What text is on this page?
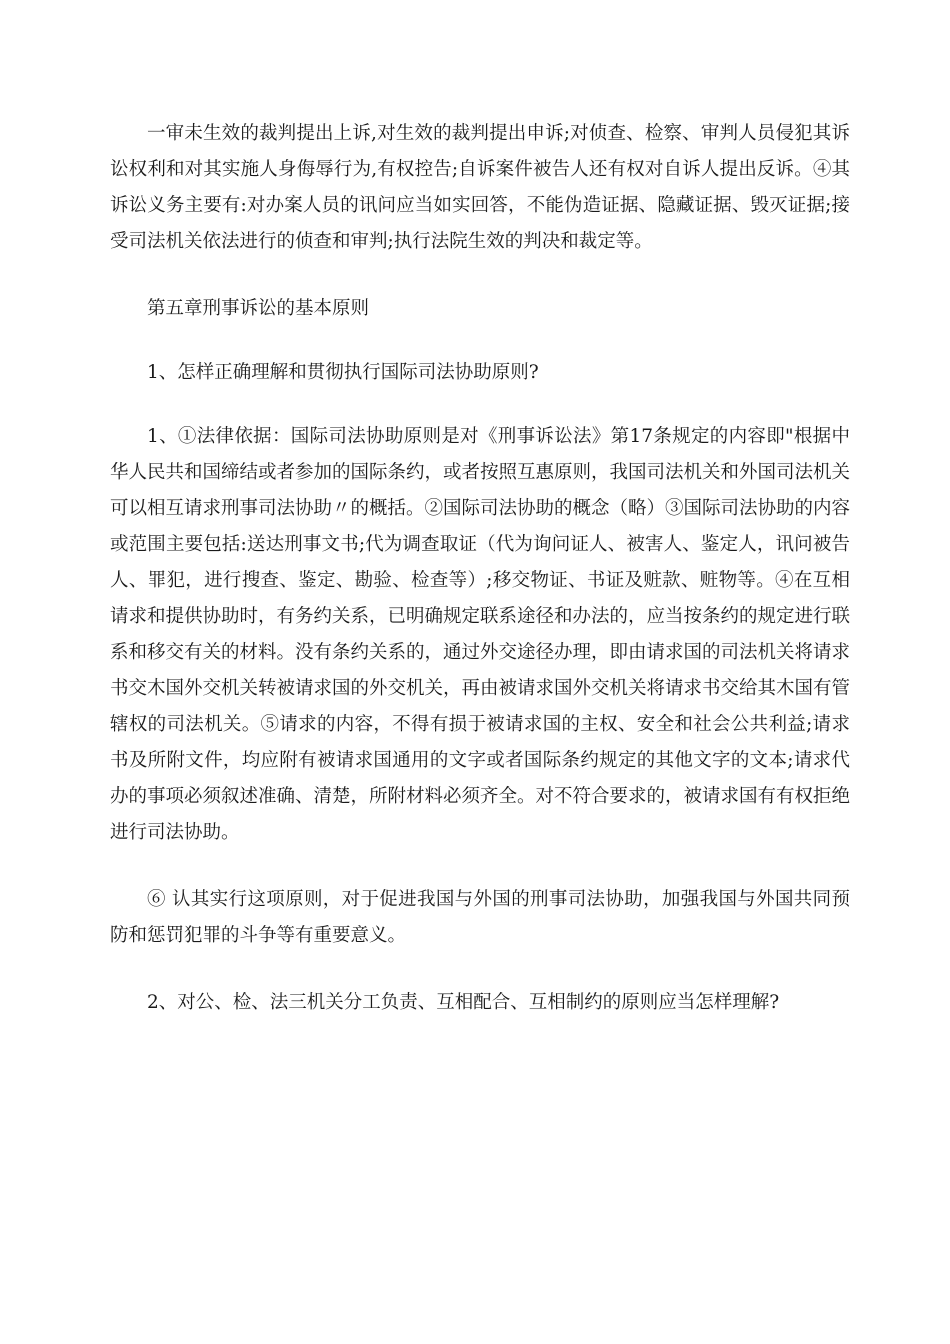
一审未生效的裁判提出上诉,对生效的裁判提出申诉;对侦查、检察、审判人员侵犯其诉讼权利和对其实施人身侮辱行为,有权控告;自诉案件被告人还有权对自诉人提出反诉。④其诉讼义务主要有:对办案人员的讯问应当如实回答，不能伪造证据、隐藏证据、毁灭证据;接受司法机关依法进行的侦查和审判;执行法院生效的判决和裁定等。

第五章刑事诉讼的基本原则

1、怎样正确理解和贯彻执行国际司法协助原则?

1、①法律依据：国际司法协助原则是对《刑事诉讼法》第17条规定的内容即"根据中华人民共和国缔结或者参加的国际条约，或者按照互惠原则，我国司法机关和外国司法机关可以相互请求刑事司法协助〃的概括。②国际司法协助的概念（略）③国际司法协助的内容或范围主要包括:送达刑事文书;代为调查取证（代为询问证人、被害人、鉴定人，讯问被告人、罪犯，进行搜查、鉴定、勘验、检查等）;移交物证、书证及赃款、赃物等。④在互相请求和提供协助时，有务约关系，已明确规定联系途径和办法的，应当按条约的规定进行联系和移交有关的材料。没有条约关系的，通过外交途径办理，即由请求国的司法机关将请求书交木国外交机关转被请求国的外交机关，再由被请求国外交机关将请求书交给其木国有管辖权的司法机关。⑤请求的内容，不得有损于被请求国的主权、安全和社会公共利益;请求书及所附文件，均应附有被请求国通用的文字或者国际条约规定的其他文字的文本;请求代办的事项必须叙述准确、清楚，所附材料必须齐全。对不符合要求的，被请求国有有权拒绝进行司法协助。

⑥ 认其实行这项原则，对于促进我国与外国的刑事司法协助，加强我国与外国共同预防和惩罚犯罪的斗争等有重要意义。

2、对公、检、法三机关分工负责、互相配合、互相制约的原则应当怎样理解?
